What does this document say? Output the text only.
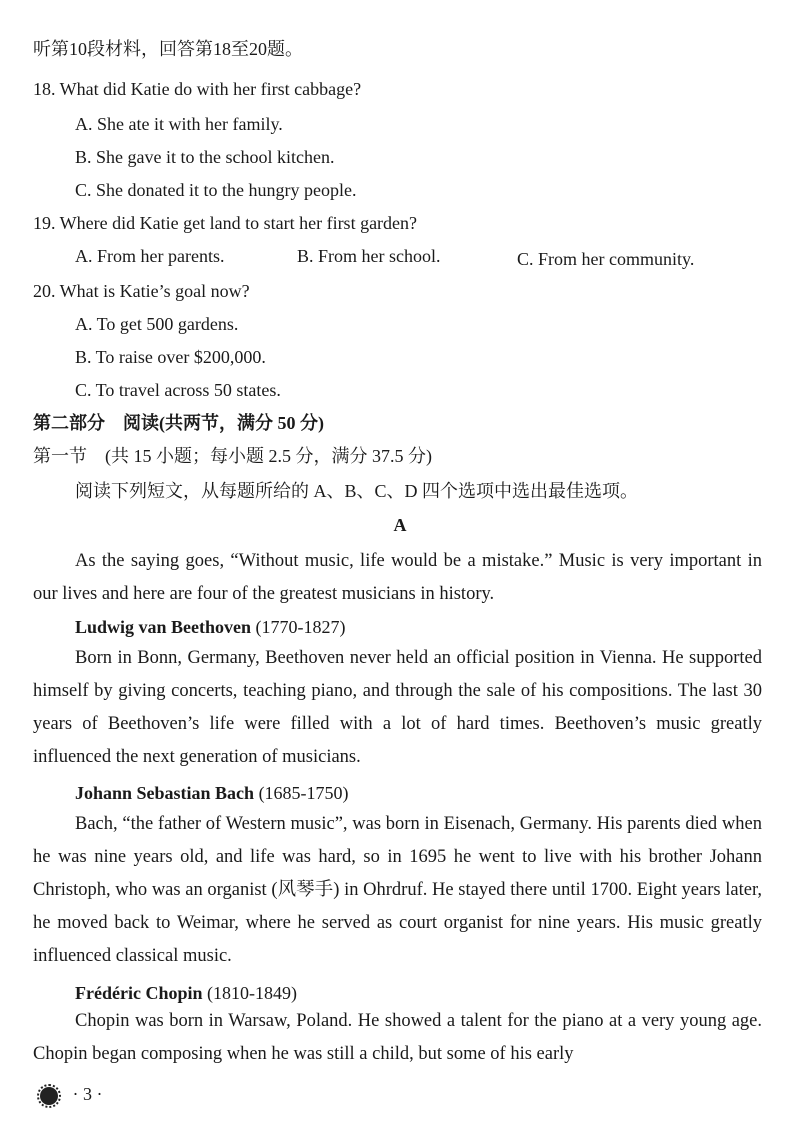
听第10段材料，回答第18至20题。
18. What did Katie do with her first cabbage?
A. She ate it with her family.
B. She gave it to the school kitchen.
C. She donated it to the hungry people.
19. Where did Katie get land to start her first garden?
A. From her parents.	B. From her school.	C. From her community.
20. What is Katie’s goal now?
A. To get 500 gardens.
B. To raise over $200,000.
C. To travel across 50 states.
第二部分　阅读(共两节，满分 50 分)
第一节　(共 15 小题；每小题 2.5 分，满分 37.5 分)
阅读下列短文，从每题所给的 A、B、C、D 四个选项中选出最佳选项。
A
As the saying goes, “Without music, life would be a mistake.” Music is very important in our lives and here are four of the greatest musicians in history.
Ludwig van Beethoven (1770-1827)
Born in Bonn, Germany, Beethoven never held an official position in Vienna. He supported himself by giving concerts, teaching piano, and through the sale of his compositions. The last 30 years of Beethoven’s life were filled with a lot of hard times. Beethoven’s music greatly influenced the next generation of musicians.
Johann Sebastian Bach (1685-1750)
Bach, “the father of Western music”, was born in Eisenach, Germany. His parents died when he was nine years old, and life was hard, so in 1695 he went to live with his brother Johann Christoph, who was an organist (风琴手) in Ohrdruf. He stayed there until 1700. Eight years later, he moved back to Weimar, where he served as court organist for nine years. His music greatly influenced classical music.
Frédéric Chopin (1810-1849)
Chopin was born in Warsaw, Poland. He showed a talent for the piano at a very young age. Chopin began composing when he was still a child, but some of his early
· 3 ·
